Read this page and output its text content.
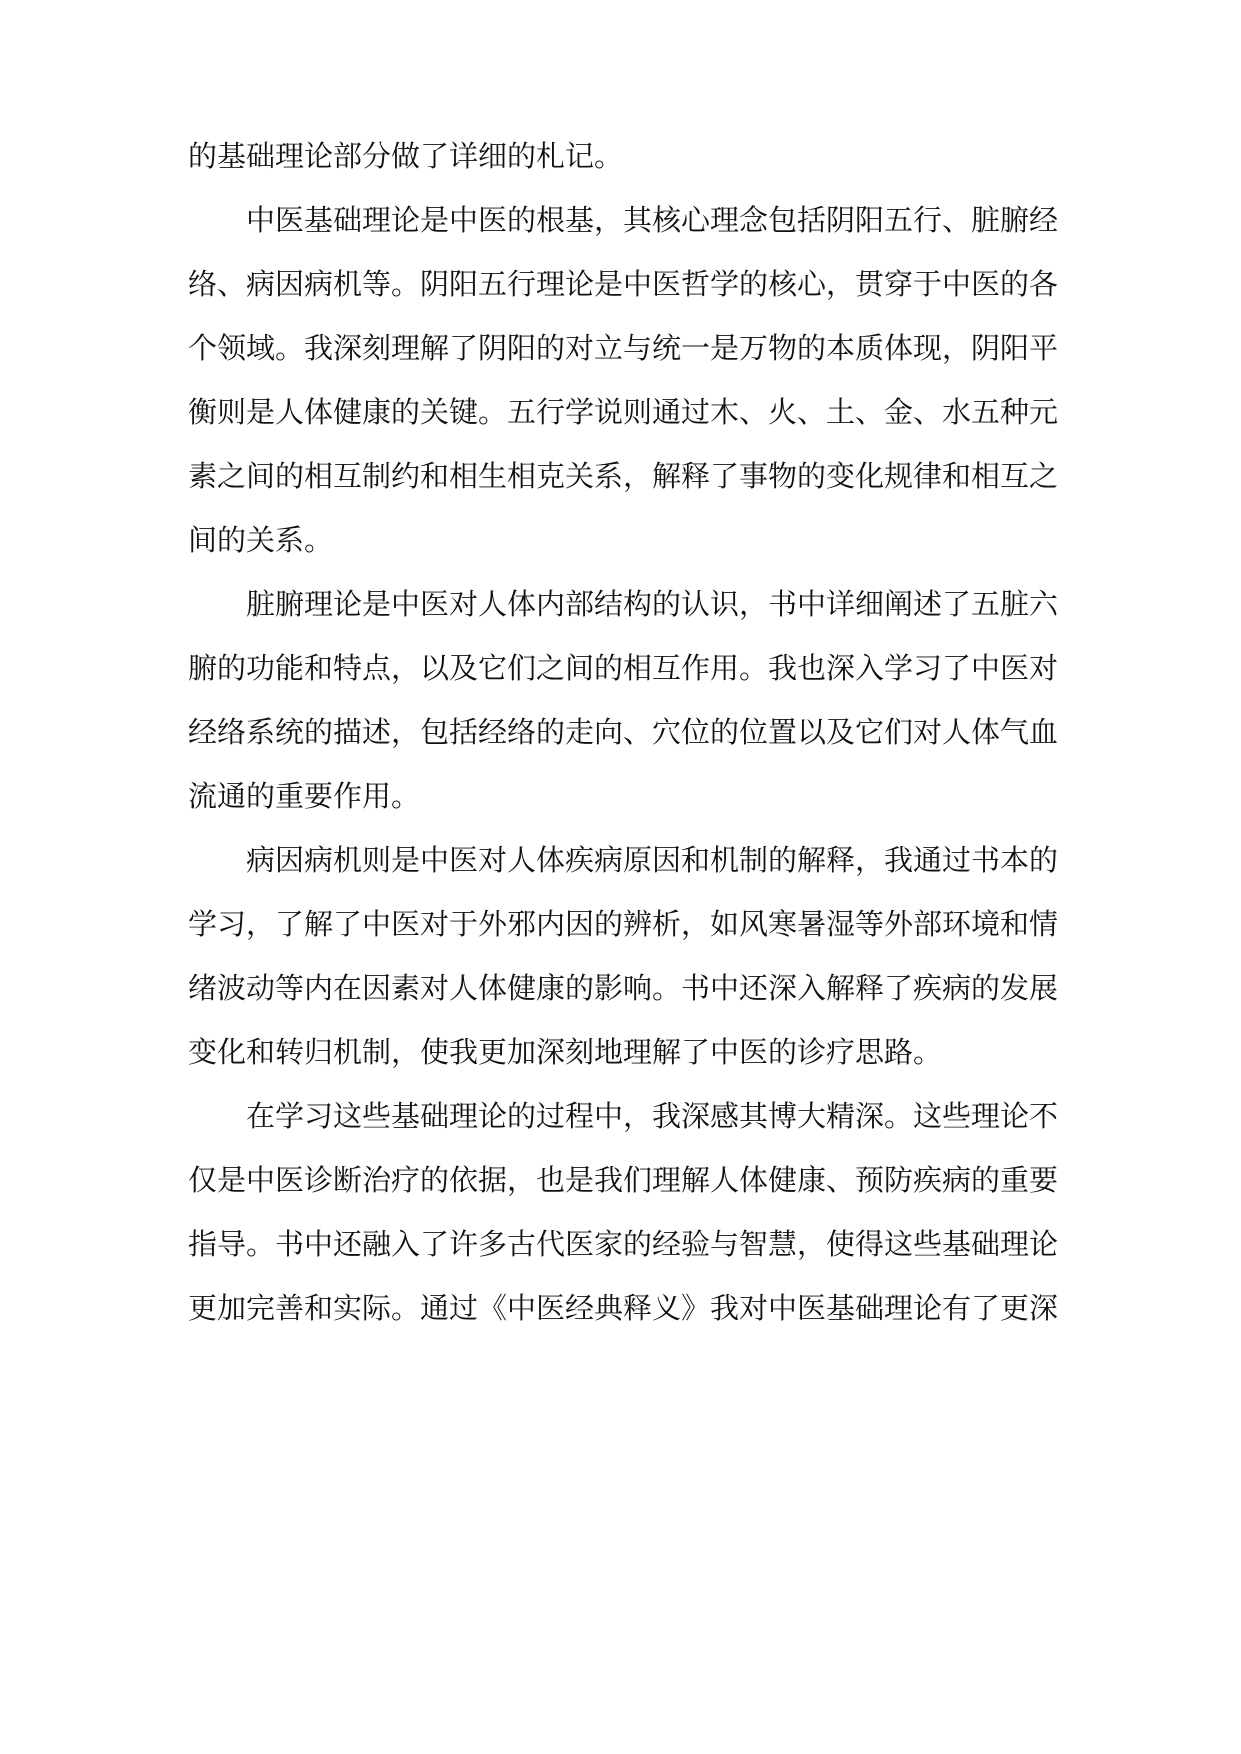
的基础理论部分做了详细的札记。
中医基础理论是中医的根基，其核心理念包括阴阳五行、脏腑经
络、病因病机等。阴阳五行理论是中医哲学的核心，贯穿于中医的各
个领域。我深刻理解了阴阳的对立与统一是万物的本质体现，阴阳平
衡则是人体健康的关键。五行学说则通过木、火、土、金、水五种元
素之间的相互制约和相生相克关系，解释了事物的变化规律和相互之
间的关系。
脏腑理论是中医对人体内部结构的认识，书中详细阐述了五脏六
腑的功能和特点，以及它们之间的相互作用。我也深入学习了中医对
经络系统的描述，包括经络的走向、穴位的位置以及它们对人体气血
流通的重要作用。
病因病机则是中医对人体疾病原因和机制的解释，我通过书本的
学习，了解了中医对于外邪内因的辨析，如风寒暑湿等外部环境和情
绪波动等内在因素对人体健康的影响。书中还深入解释了疾病的发展
变化和转归机制，使我更加深刻地理解了中医的诊疗思路。
在学习这些基础理论的过程中，我深感其博大精深。这些理论不
仅是中医诊断治疗的依据，也是我们理解人体健康、预防疾病的重要
指导。书中还融入了许多古代医家的经验与智慧，使得这些基础理论
更加完善和实际。通过《中医经典释义》我对中医基础理论有了更深
